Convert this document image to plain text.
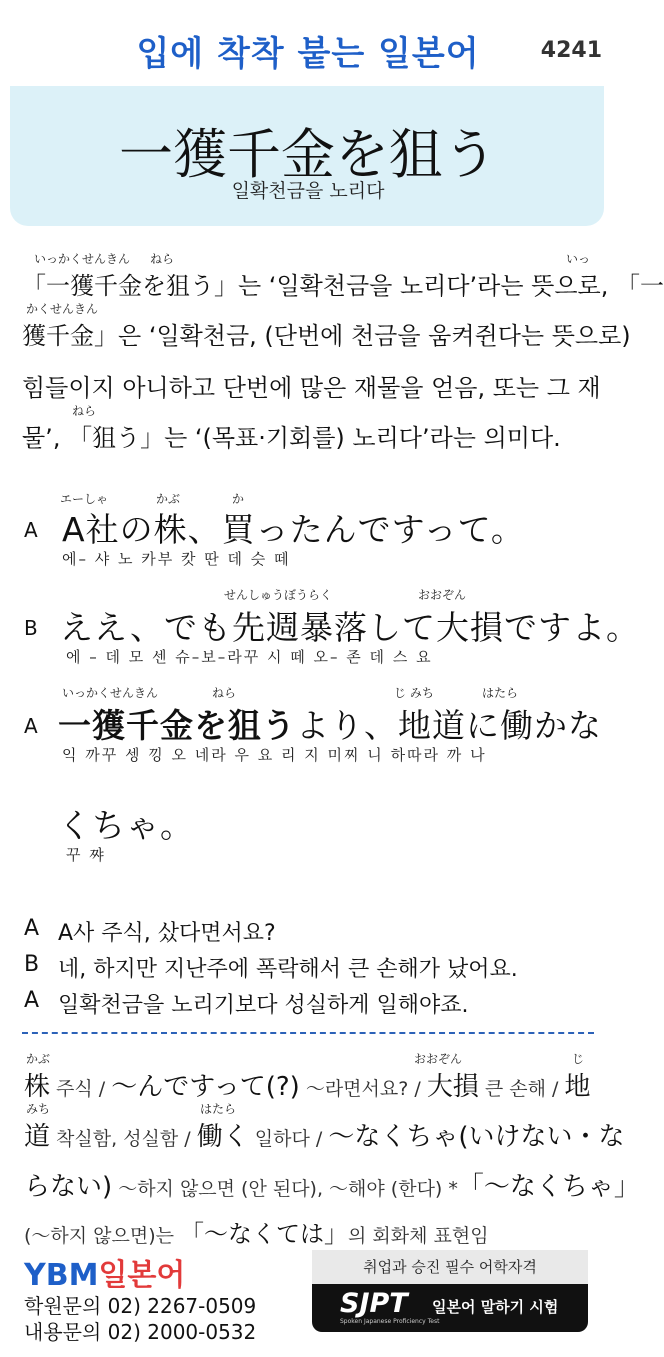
입에 착착 붙는 일본어	4241
一獲千金を狙う
일확천금을 노리다
いっかくせんきん ねら	いっ
「一獲千金を狙う」는 ‘일확천금을 노리다’라는 뜻으로, 「一
かくせんきん
獲千金」은 ‘일확천금, (단번에 천금을 움켜쥔다는 뜻으로)
힘들이지 아니하고 단번에 많은 재물을 얻음, 또는 그 재
ねら
물’, 「狙う」는 ‘(목표·기회를) 노리다’라는 의미다.
エーしゃ	かぶ	か
A A社の株、買ったんですって。
에– 샤 노 카부 캇 딴 데 슷 떼
せんしゅうぼうらく	おおぞん
B ええ、でも先週暴落して大損ですよ。
에 – 데 모 센 슈–보–라꾸 시 떼 오– 존 데 스 요
いっかくせんきん	ねら	じ みち	はたら
A 一獲千金を狙うより、地道に働かな
익 까꾸 셍 낑 오 네라 우 요 리 지 미찌 니 하따라 까 나
くちゃ。
꾸 쨔
A A사 주식, 샀다면서요?
B 네, 하지만 지난주에 폭락해서 큰 손해가 났어요.
A 일확천금을 노리기보다 성실하게 일해야죠.
かぶ	おおぞん	じ
株 주식 / 〜んですって(?) 〜라면서요? / 大損 큰 손해 / 地
みち	はたら
道 착실함, 성실함 / 働く 일하다 / 〜なくちゃ(いけない・な
らない) 〜하지 않으면 (안 된다), 〜해야 (한다) *「〜なくちゃ」
(〜하지 않으면)는 「〜なくては」의 회화체 표현임
YBM일본어
학원문의 02) 2267-0509
내용문의 02) 2000-0532
취업과 승진 필수 어학자격
SJPT 일본어 말하기 시험
Spoken Japanese Proficiency Test
